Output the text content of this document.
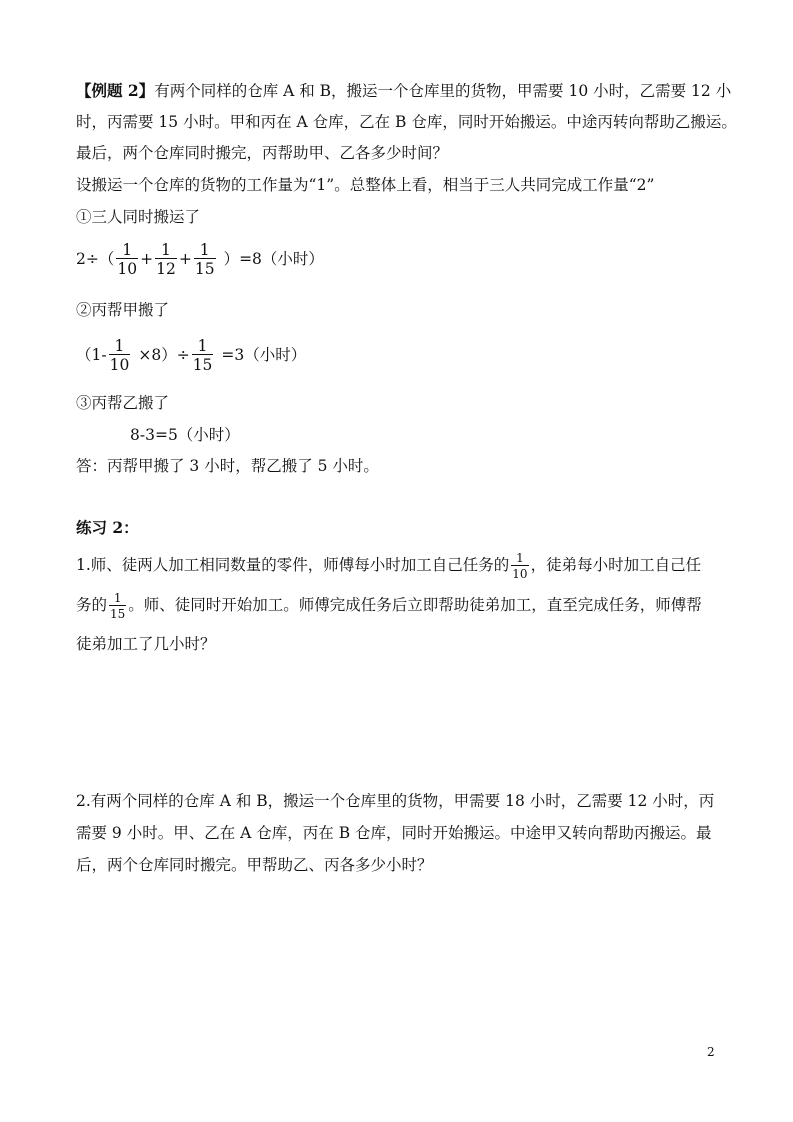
【例题 2】有两个同样的仓库 A 和 B，搬运一个仓库里的货物，甲需要 10 小时，乙需要 12 小
时，丙需要 15 小时。甲和丙在 A 仓库，乙在 B 仓库，同时开始搬运。中途丙转向帮助乙搬运。
最后，两个仓库同时搬完，丙帮助甲、乙各多少时间？
设搬运一个仓库的货物的工作量为“1”。总整体上看，相当于三人共同完成工作量“2”
①三人同时搬运了
$2\div( \frac{1}{10} + \frac{1}{12} + \frac{1}{15} )=8$（小时）
②丙帮甲搬了
$(1- \frac{1}{10} \times 8)\div \frac{1}{15} =3$（小时）
③丙帮乙搬了
8-3=5（小时）
答：丙帮甲搬了 3 小时，帮乙搬了 5 小时。
练习 2：
1.师、徒两人加工相同数量的零件，师傅每小时加工自己任务的 $\frac{1}{10}$ ，徒弟每小时加工自己任
务的 $\frac{1}{15}$ 。师、徒同时开始加工。师傅完成任务后立即帮助徒弟加工，直至完成任务，师傅帮
徒弟加工了几小时？
2.有两个同样的仓库 A 和 B，搬运一个仓库里的货物，甲需要 18 小时，乙需要 12 小时，丙
需要 9 小时。甲、乙在 A 仓库，丙在 B 仓库，同时开始搬运。中途甲又转向帮助丙搬运。最
后，两个仓库同时搬完。甲帮助乙、丙各多少小时？
2
